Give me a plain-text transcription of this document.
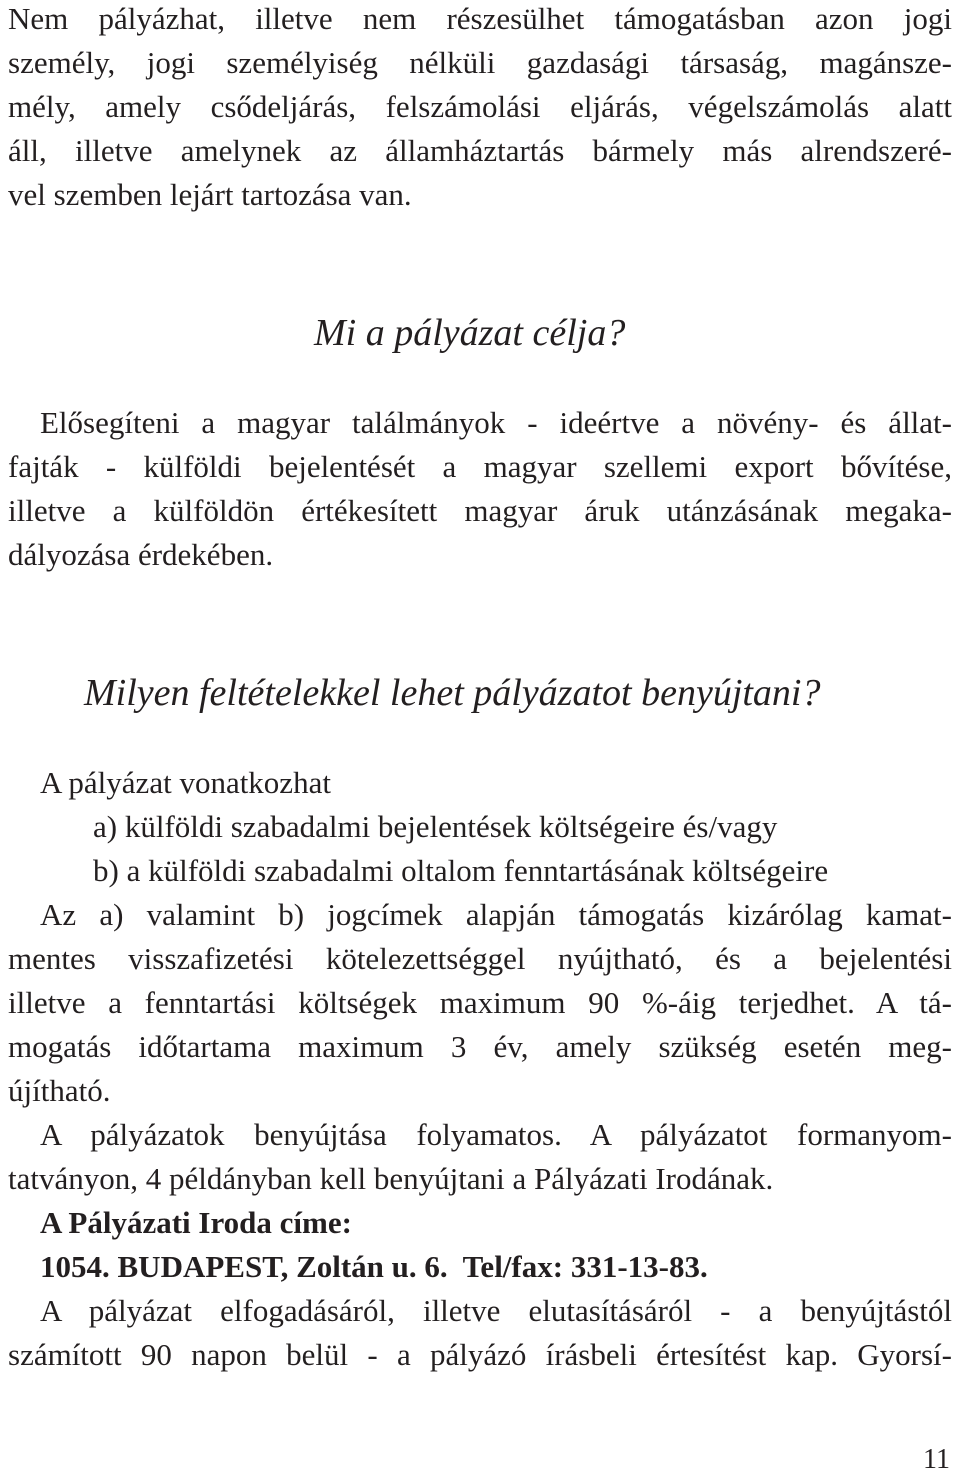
Nem pályázhat, illetve nem részesülhet támogatásban azon jogi
személy, jogi személyiség nélküli gazdasági társaság, magánsze-
mély, amely csődeljárás, felszámolási eljárás, végelszámolás alatt
áll, illetve amelynek az államháztartás bármely más alrendszeré-
vel szemben lejárt tartozása van.
Mi a pályázat célja?
Elősegíteni a magyar találmányok - ideértve a növény- és állat-
fajták - külföldi bejelentését a magyar szellemi export bővítése,
illetve a külföldön értékesített magyar áruk utánzásának megaka-
dályozása érdekében.
Milyen feltételekkel lehet pályázatot benyújtani?
A pályázat vonatkozhat
a) külföldi szabadalmi bejelentések költségeire és/vagy
b) a külföldi szabadalmi oltalom fenntartásának költségeire
Az a) valamint b) jogcímek alapján támogatás kizárólag kamat-
mentes visszafizetési kötelezettséggel nyújtható, és a bejelentési
illetve a fenntartási költségek maximum 90 %-áig terjedhet. A tá-
mogatás időtartama maximum 3 év, amely szükség esetén meg-
újítható.
A pályázatok benyújtása folyamatos. A pályázatot formanyom-
tatványon, 4 példányban kell benyújtani a Pályázati Irodának.
A Pályázati Iroda címe:
1054. BUDAPEST, Zoltán u. 6.  Tel/fax: 331-13-83.
A pályázat elfogadásáról, illetve elutasításáról - a benyújtástól
számított 90 napon belül - a pályázó írásbeli értesítést kap. Gyorsí-
11
